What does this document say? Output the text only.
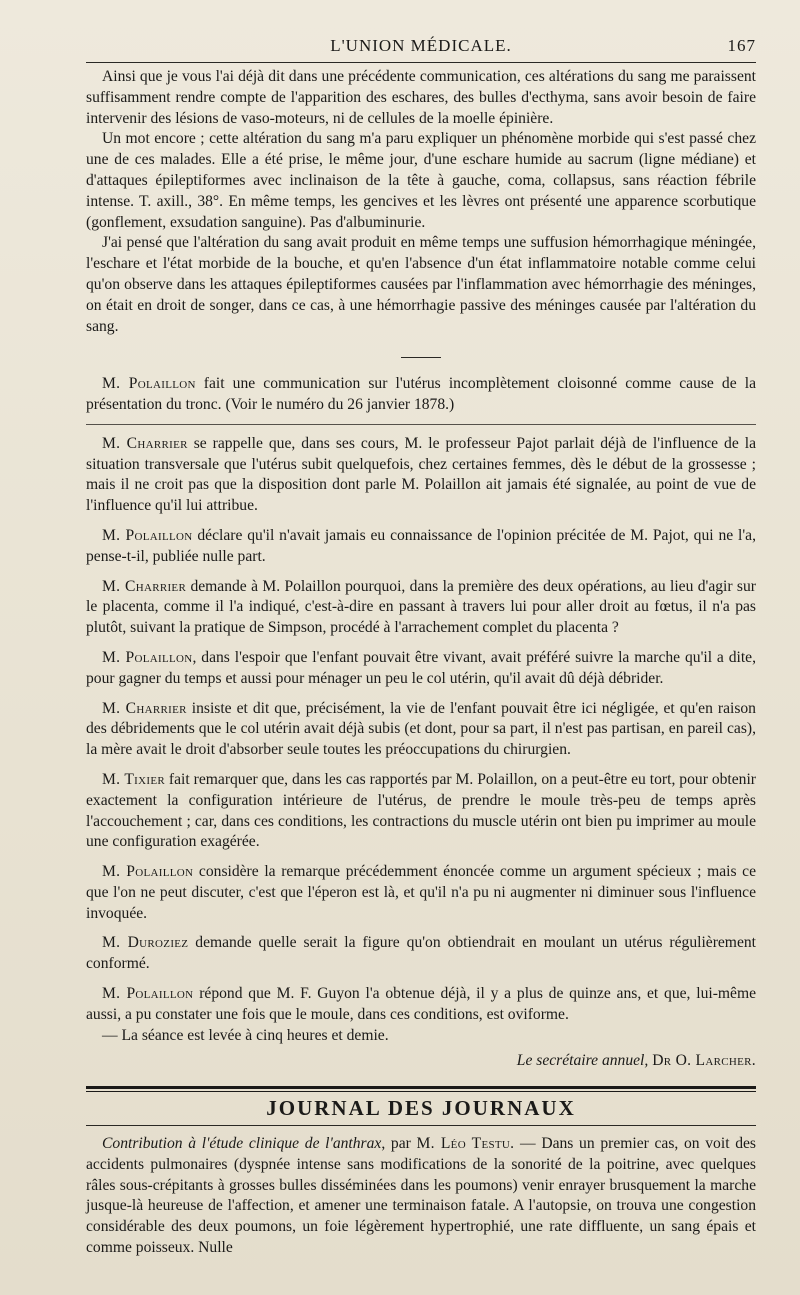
L'UNION MÉDICALE.	167

Ainsi que je vous l'ai déjà dit dans une précédente communication, ces altérations du sang me paraissent suffisamment rendre compte de l'apparition des eschares, des bulles d'ecthyma, sans avoir besoin de faire intervenir des lésions de vaso-moteurs, ni de cellules de la moelle épinière.

Un mot encore ; cette altération du sang m'a paru expliquer un phénomène morbide qui s'est passé chez une de ces malades. Elle a été prise, le même jour, d'une eschare humide au sacrum (ligne médiane) et d'attaques épileptiformes avec inclinaison de la tête à gauche, coma, collapsus, sans réaction fébrile intense. T. axill., 38°. En même temps, les gencives et les lèvres ont présenté une apparence scorbutique (gonflement, exsudation sanguine). Pas d'albuminurie.

J'ai pensé que l'altération du sang avait produit en même temps une suffusion hémorrhagique méningée, l'eschare et l'état morbide de la bouche, et qu'en l'absence d'un état inflammatoire notable comme celui qu'on observe dans les attaques épileptiformes causées par l'inflammation avec hémorrhagie des méninges, on était en droit de songer, dans ce cas, à une hémorrhagie passive des méninges causée par l'altération du sang.

M. Polaillon fait une communication sur l'utérus incomplètement cloisonné comme cause de la présentation du tronc. (Voir le numéro du 26 janvier 1878.)

M. Charrier se rappelle que, dans ses cours, M. le professeur Pajot parlait déjà de l'influence de la situation transversale que l'utérus subit quelquefois, chez certaines femmes, dès le début de la grossesse ; mais il ne croit pas que la disposition dont parle M. Polaillon ait jamais été signalée, au point de vue de l'influence qu'il lui attribue.

M. Polaillon déclare qu'il n'avait jamais eu connaissance de l'opinion précitée de M. Pajot, qui ne l'a, pense-t-il, publiée nulle part.

M. Charrier demande à M. Polaillon pourquoi, dans la première des deux opérations, au lieu d'agir sur le placenta, comme il l'a indiqué, c'est-à-dire en passant à travers lui pour aller droit au fœtus, il n'a pas plutôt, suivant la pratique de Simpson, procédé à l'arrachement complet du placenta ?

M. Polaillon, dans l'espoir que l'enfant pouvait être vivant, avait préféré suivre la marche qu'il a dite, pour gagner du temps et aussi pour ménager un peu le col utérin, qu'il avait dû déjà débrider.

M. Charrier insiste et dit que, précisément, la vie de l'enfant pouvait être ici négligée, et qu'en raison des débridements que le col utérin avait déjà subis (et dont, pour sa part, il n'est pas partisan, en pareil cas), la mère avait le droit d'absorber seule toutes les préoccupations du chirurgien.

M. Tixier fait remarquer que, dans les cas rapportés par M. Polaillon, on a peut-être eu tort, pour obtenir exactement la configuration intérieure de l'utérus, de prendre le moule très-peu de temps après l'accouchement ; car, dans ces conditions, les contractions du muscle utérin ont bien pu imprimer au moule une configuration exagérée.

M. Polaillon considère la remarque précédemment énoncée comme un argument spécieux ; mais ce que l'on ne peut discuter, c'est que l'éperon est là, et qu'il n'a pu ni augmenter ni diminuer sous l'influence invoquée.

M. Duroziez demande quelle serait la figure qu'on obtiendrait en moulant un utérus régulièrement conformé.

M. Polaillon répond que M. F. Guyon l'a obtenue déjà, il y a plus de quinze ans, et que, lui-même aussi, a pu constater une fois que le moule, dans ces conditions, est oviforme.

— La séance est levée à cinq heures et demie.

Le secrétaire annuel, Dr O. Larcher.
JOURNAL DES JOURNAUX

Contribution à l'étude clinique de l'anthrax, par M. Léo Testu. — Dans un premier cas, on voit des accidents pulmonaires (dyspnée intense sans modifications de la sonorité de la poitrine, avec quelques râles sous-crépitants à grosses bulles disséminées dans les poumons) venir enrayer brusquement la marche jusque-là heureuse de l'affection, et amener une terminaison fatale. A l'autopsie, on trouva une congestion considérable des deux poumons, un foie légèrement hypertrophié, une rate diffluente, un sang épais et comme poisseux. Nulle
